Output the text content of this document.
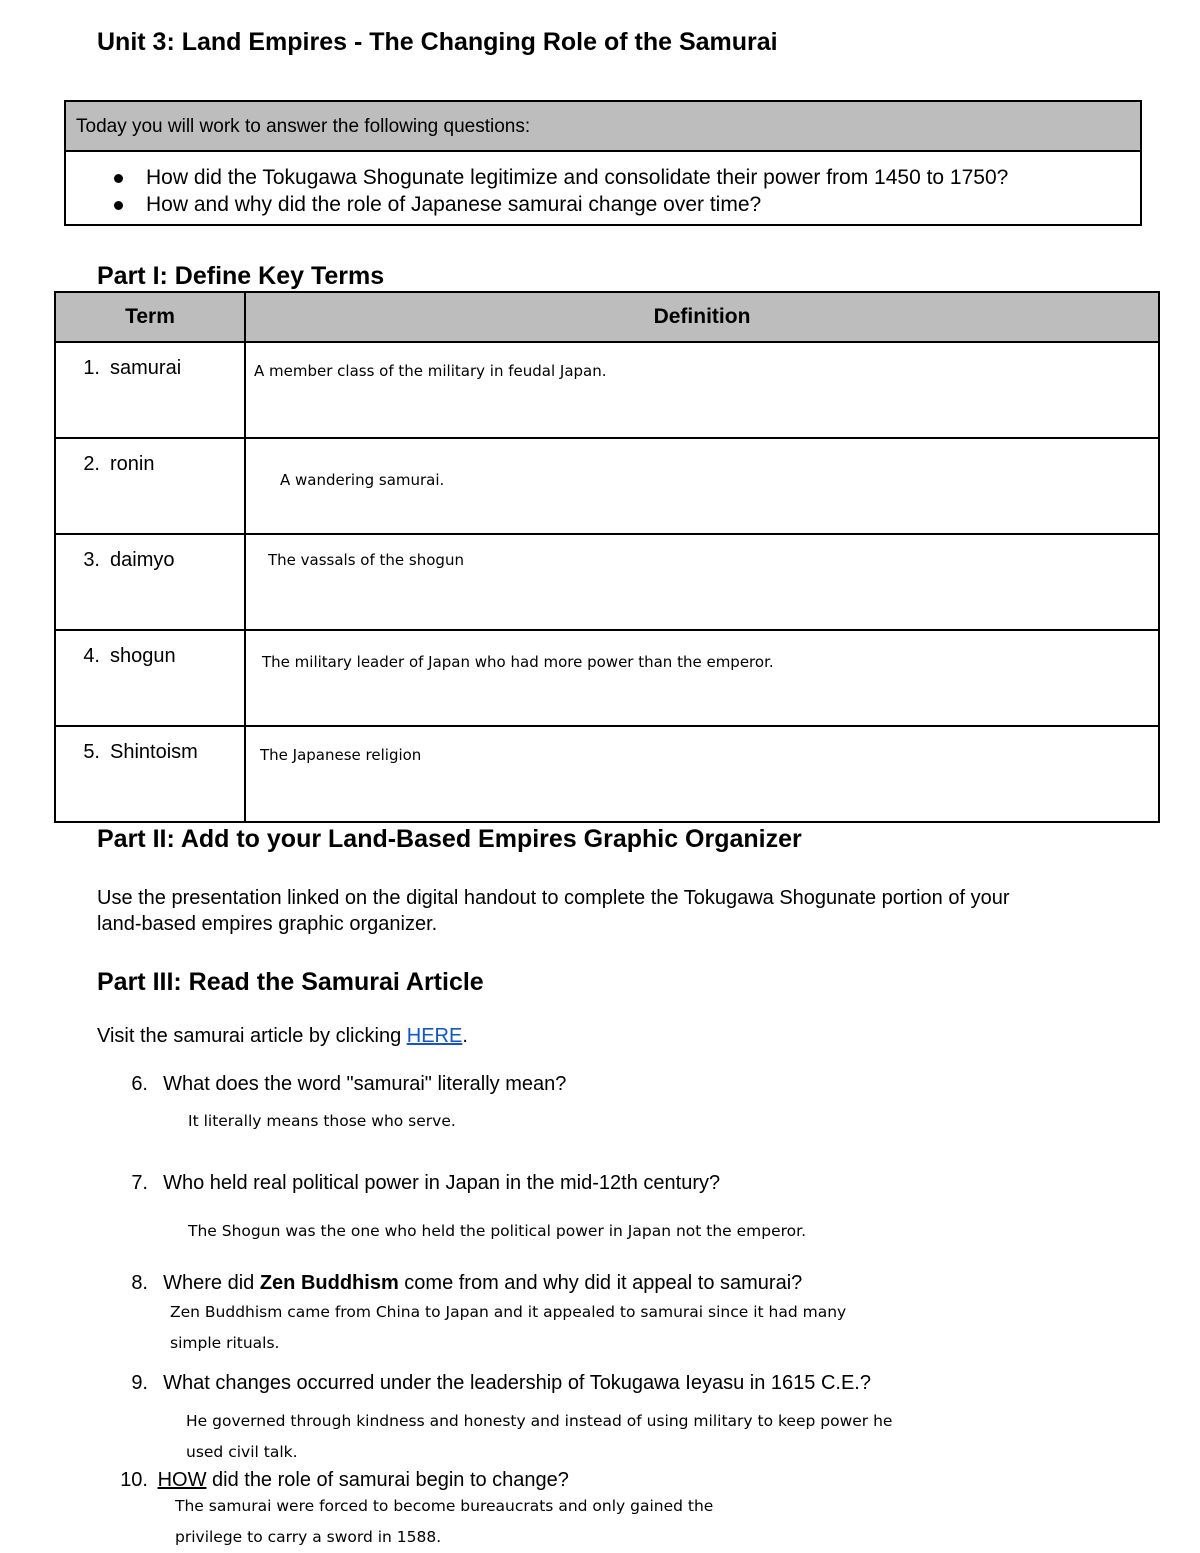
Unit 3: Land Empires - The Changing Role of the Samurai
Today you will work to answer the following questions:
How did the Tokugawa Shogunate legitimize and consolidate their power from 1450 to 1750?
How and why did the role of Japanese samurai change over time?
Part I: Define Key Terms
Term	Definition

1. samurai	A member class of the military in feudal Japan.

2. ronin	A wandering samurai.

3. daimyo	The vassals of the shogun

4. shogun	The military leader of Japan who had more power than the emperor.

5. Shintoism	The Japanese religion
Part II: Add to your Land-Based Empires Graphic Organizer
Use the presentation linked on the digital handout to complete the Tokugawa Shogunate portion of your
land-based empires graphic organizer.
Part III: Read the Samurai Article
Visit the samurai article by clicking HERE.
6. What does the word "samurai" literally mean?
It literally means those who serve.
7. Who held real political power in Japan in the mid-12th century?
The Shogun was the one who held the political power in Japan not the emperor.
8. Where did Zen Buddhism come from and why did it appeal to samurai?
Zen Buddhism came from China to Japan and it appealed to samurai since it had many
simple rituals.
9. What changes occurred under the leadership of Tokugawa Ieyasu in 1615 C.E.?
He governed through kindness and honesty and instead of using military to keep power he
used civil talk.
10. HOW did the role of samurai begin to change?
The samurai were forced to become bureaucrats and only gained the
privilege to carry a sword in 1588.
